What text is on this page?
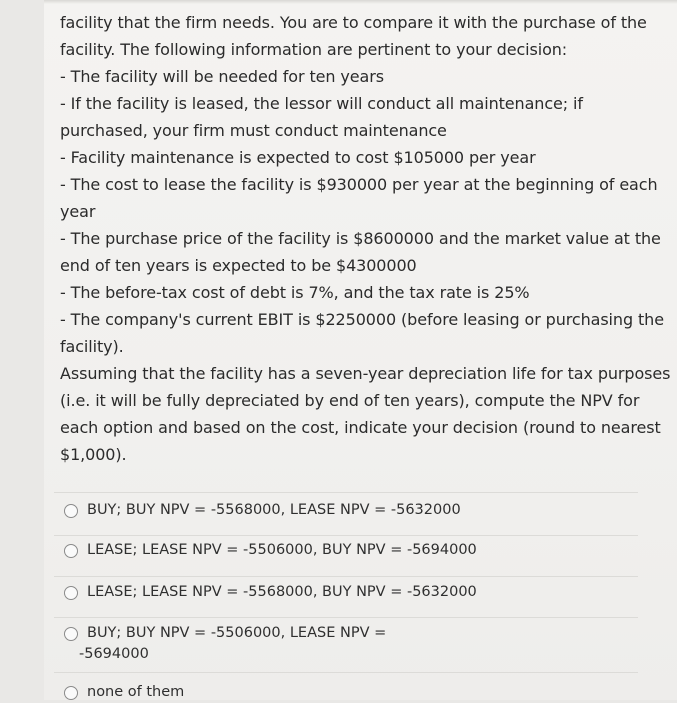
facility that the firm needs. You are to compare it with the purchase of the
facility. The following information are pertinent to your decision:
- The facility will be needed for ten years
- If the facility is leased, the lessor will conduct all maintenance; if
purchased, your firm must conduct maintenance
- Facility maintenance is expected to cost $105000 per year
- The cost to lease the facility is $930000 per year at the beginning of each
year
- The purchase price of the facility is $8600000 and the market value at the
end of ten years is expected to be $4300000
- The before-tax cost of debt is 7%, and the tax rate is 25%
- The company's current EBIT is $2250000 (before leasing or purchasing the
facility).
Assuming that the facility has a seven-year depreciation life for tax purposes
(i.e. it will be fully depreciated by end of ten years), compute the NPV for
each option and based on the cost, indicate your decision (round to nearest
$1,000).
BUY; BUY NPV = -5568000, LEASE NPV = -5632000
LEASE; LEASE NPV = -5506000, BUY NPV = -5694000
LEASE; LEASE NPV = -5568000, BUY NPV = -5632000
BUY; BUY NPV = -5506000, LEASE NPV =
-5694000
none of them
